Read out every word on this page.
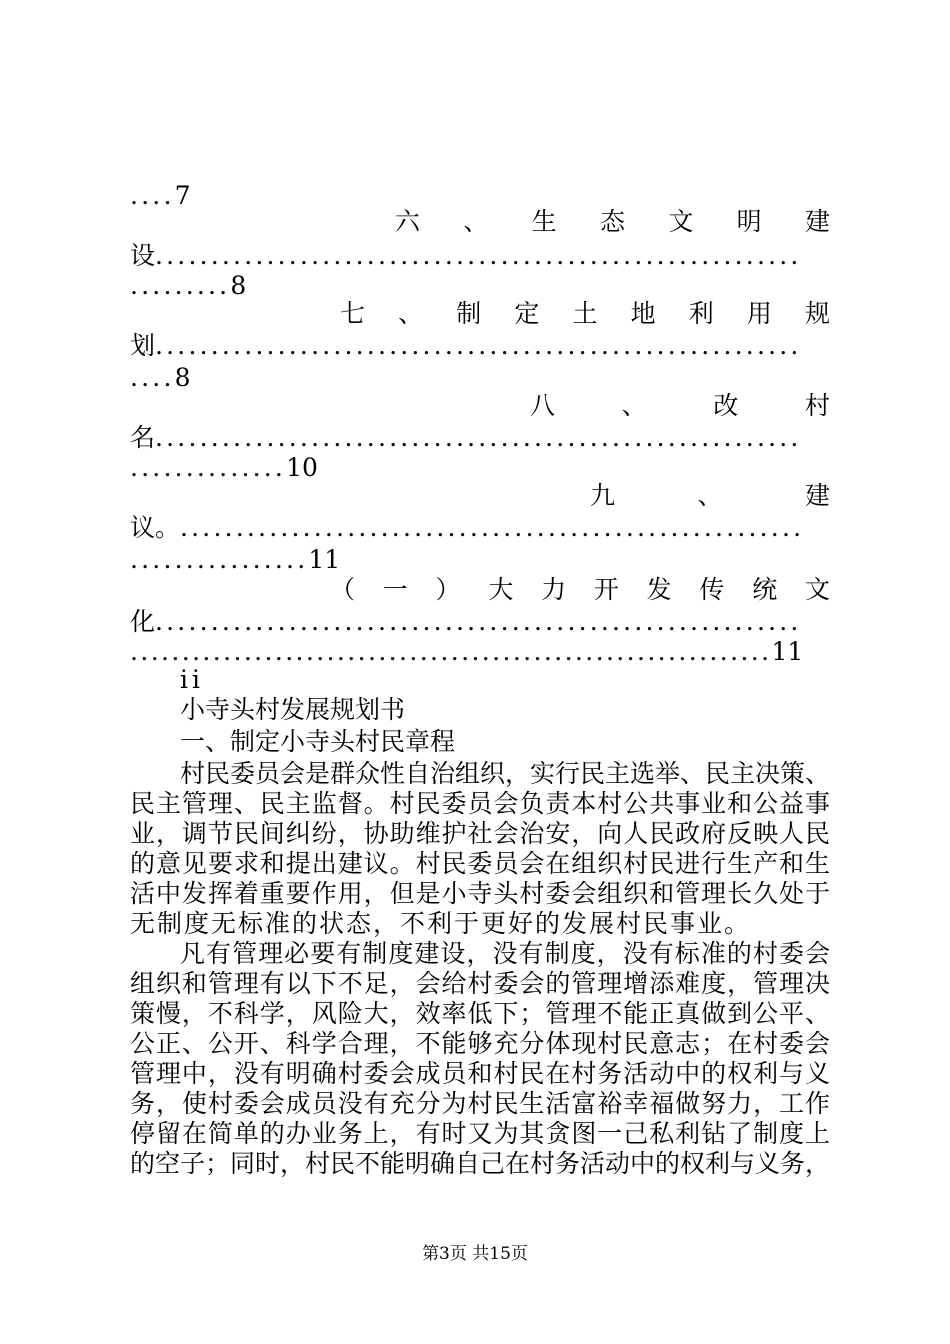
....7
六、生态文明建
设..........................................................
.........8
七、制定土地利用规
划..........................................................
....8
八、改村
名..........................................................
..............10
九、建
议。........................................................
................11
（一）大力开发传统文
化..........................................................
..............................................................11
ii
小寺头村发展规划书
一、制定小寺头村民章程
村民委员会是群众性自治组织，实行民主选举、民主决策、
民主管理、民主监督。村民委员会负责本村公共事业和公益事
业，调节民间纠纷，协助维护社会治安，向人民政府反映人民
的意见要求和提出建议。村民委员会在组织村民进行生产和生
活中发挥着重要作用，但是小寺头村委会组织和管理长久处于
无制度无标准的状态，不利于更好的发展村民事业。
凡有管理必要有制度建设，没有制度，没有标准的村委会
组织和管理有以下不足，会给村委会的管理增添难度，管理决
策慢，不科学，风险大，效率低下；管理不能正真做到公平、
公正、公开、科学合理，不能够充分体现村民意志；在村委会
管理中，没有明确村委会成员和村民在村务活动中的权利与义
务，使村委会成员没有充分为村民生活富裕幸福做努力，工作
停留在简单的办业务上，有时又为其贪图一己私利钻了制度上
的空子；同时，村民不能明确自己在村务活动中的权利与义务，
第3页 共15页
